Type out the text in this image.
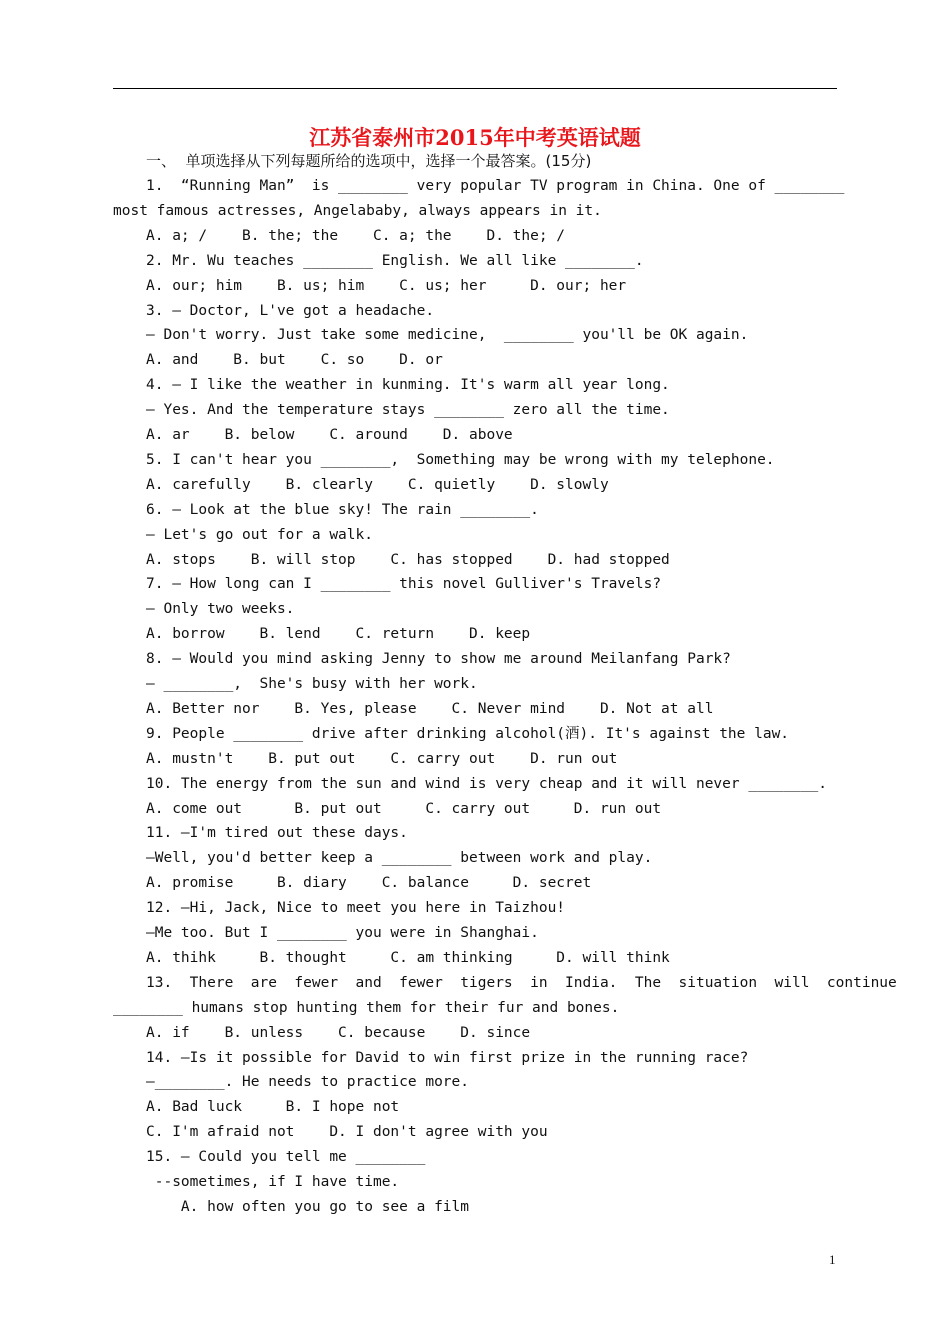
江苏省泰州市2015年中考英语试题
一、  单项选择从下列每题所给的选项中，选择一个最答案。(15分)
1.  “Running Man”  is ________ very popular TV program in China. One of ________
most famous actresses, Angelababy, always appears in it.
A. a; /    B. the; the    C. a; the    D. the; /
2. Mr. Wu teaches ________ English. We all like ________.
A. our; him    B. us; him    C. us; her     D. our; her
3. — Doctor, L've got a headache.
— Don't worry. Just take some medicine,  ________ you'll be OK again.
A. and    B. but    C. so    D. or
4. — I like the weather in kunming. It's warm all year long.
— Yes. And the temperature stays ________ zero all the time.
A. ar    B. below    C. around    D. above
5. I can't hear you ________,  Something may be wrong with my telephone.
A. carefully    B. clearly    C. quietly    D. slowly
6. — Look at the blue sky! The rain ________.
— Let's go out for a walk.
A. stops    B. will stop    C. has stopped    D. had stopped
7. — How long can I ________ this novel Gulliver's Travels?
— Only two weeks.
A. borrow    B. lend    C. return    D. keep
8. — Would you mind asking Jenny to show me around Meilanfang Park?
— ________,  She's busy with her work.
A. Better nor    B. Yes, please    C. Never mind    D. Not at all
9. People ________ drive after drinking alcohol(酒). It's against the law.
A. mustn't    B. put out    C. carry out    D. run out
10. The energy from the sun and wind is very cheap and it will never ________.
A. come out      B. put out     C. carry out     D. run out
11. —I'm tired out these days.
—Well, you'd better keep a ________ between work and play.
A. promise     B. diary    C. balance     D. secret
12. —Hi, Jack, Nice to meet you here in Taizhou!
—Me too. But I ________ you were in Shanghai.
A. thihk     B. thought     C. am thinking     D. will think
13.  There  are  fewer  and  fewer  tigers  in  India.  The  situation  will  continue
________ humans stop hunting them for their fur and bones.
A. if    B. unless    C. because    D. since
14. —Is it possible for David to win first prize in the running race?
—________. He needs to practice more.
A. Bad luck     B. I hope not
C. I'm afraid not    D. I don't agree with you
15. — Could you tell me ________
--sometimes, if I have time.
A. how often you go to see a film
1
